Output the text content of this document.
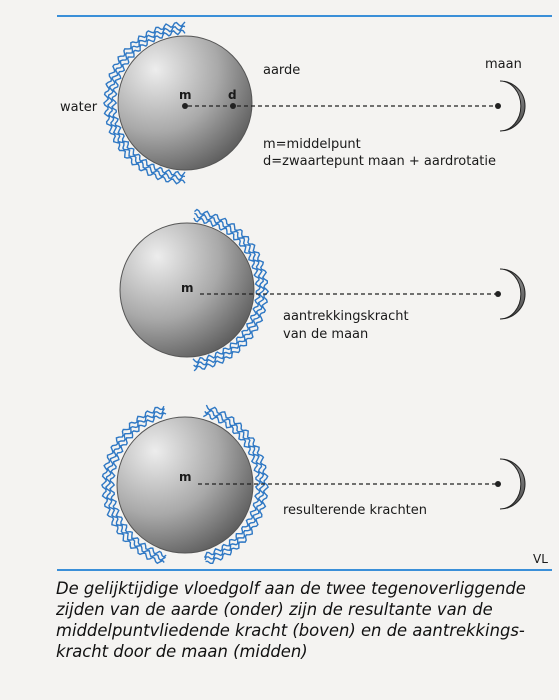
m	d
aarde
water
maan
m=middelpunt
d=zwaartepunt maan + aardrotatie
m
aantrekkingskracht
van de maan
m
resulterende krachten
VL
De gelijktijdige vloedgolf aan de twee tegenoverliggende zijden van de aarde (onder) zijn de resultante van de middelpuntvliedende kracht (boven) en de aantrekkings-kracht door de maan (midden)
